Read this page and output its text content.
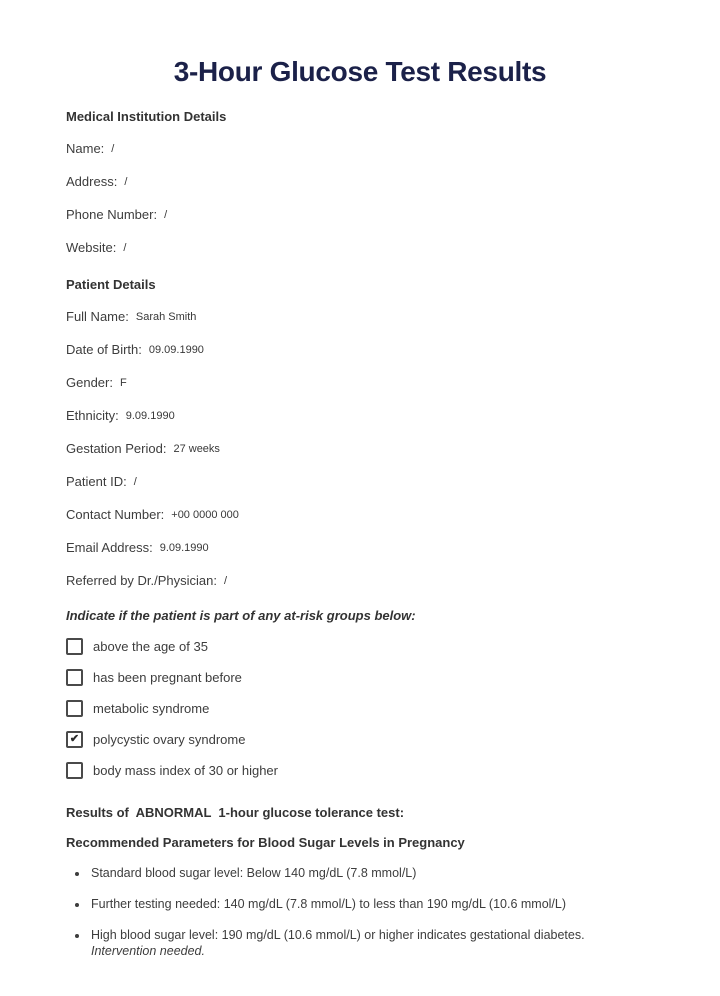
3-Hour Glucose Test Results
Medical Institution Details
Name: /
Address: /
Phone Number: /
Website: /
Patient Details
Full Name: Sarah Smith
Date of Birth: 09.09.1990
Gender: F
Ethnicity: 9.09.1990
Gestation Period: 27 weeks
Patient ID: /
Contact Number: +00 0000 000
Email Address: 9.09.1990
Referred by Dr./Physician: /
Indicate if the patient is part of any at-risk groups below:
above the age of 35
has been pregnant before
metabolic syndrome
✔ polycystic ovary syndrome
body mass index of 30 or higher
Results of  ABNORMAL  1-hour glucose tolerance test:
Recommended Parameters for Blood Sugar Levels in Pregnancy
• Standard blood sugar level: Below 140 mg/dL (7.8 mmol/L)
• Further testing needed: 140 mg/dL (7.8 mmol/L) to less than 190 mg/dL (10.6 mmol/L)
• High blood sugar level: 190 mg/dL (10.6 mmol/L) or higher indicates gestational diabetes.
Intervention needed.
